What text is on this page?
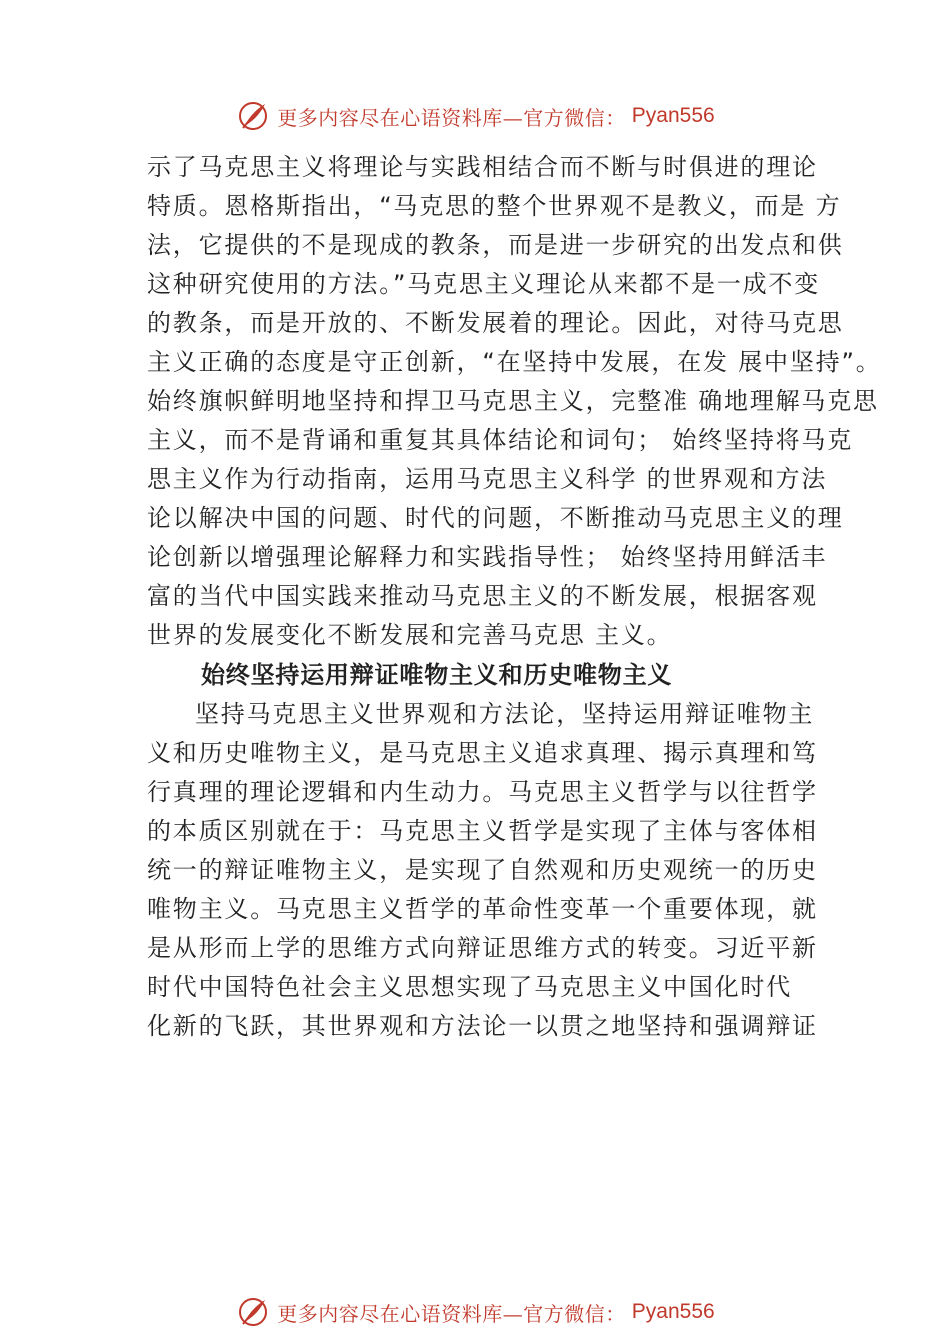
更多内容尽在心语资料库—官方微信： Pyan556
示了马克思主义将理论与实践相结合而不断与时俱进的理论
特质。恩格斯指出，“马克思的整个世界观不是教义，而是 方
法，它提供的不是现成的教条，而是进一步研究的出发点和供
这种研究使用的方法。”马克思主义理论从来都不是一成不变
的教条，而是开放的、不断发展着的理论。因此，对待马克思
主义正确的态度是守正创新，“在坚持中发展，在发 展中坚持”。
始终旗帜鲜明地坚持和捍卫马克思主义，完整准 确地理解马克思
主义，而不是背诵和重复其具体结论和词句； 始终坚持将马克
思主义作为行动指南，运用马克思主义科学 的世界观和方法
论以解决中国的问题、时代的问题，不断推动马克思主义的理
论创新以增强理论解释力和实践指导性； 始终坚持用鲜活丰
富的当代中国实践来推动马克思主义的不断发展，根据客观
世界的发展变化不断发展和完善马克思 主义。
始终坚持运用辩证唯物主义和历史唯物主义
坚持马克思主义世界观和方法论，坚持运用辩证唯物主
义和历史唯物主义，是马克思主义追求真理、揭示真理和笃
行真理的理论逻辑和内生动力。马克思主义哲学与以往哲学
的本质区别就在于：马克思主义哲学是实现了主体与客体相
统一的辩证唯物主义，是实现了自然观和历史观统一的历史
唯物主义。马克思主义哲学的革命性变革一个重要体现，就
是从形而上学的思维方式向辩证思维方式的转变。习近平新
时代中国特色社会主义思想实现了马克思主义中国化时代
化新的飞跃，其世界观和方法论一以贯之地坚持和强调辩证
更多内容尽在心语资料库—官方微信： Pyan556
